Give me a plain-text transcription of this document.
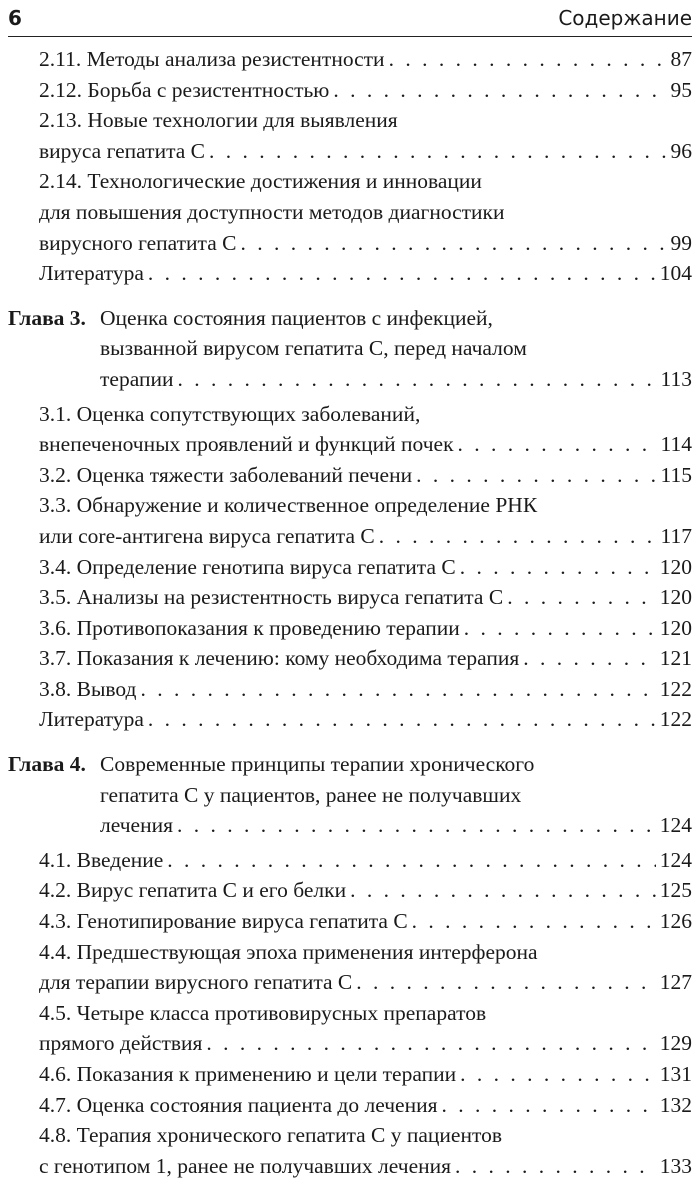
6	Содержание
2.11. Методы анализа резистентности . . .	87
2.12. Борьба с резистентностью . . .	95
2.13. Новые технологии для выявления
вируса гепатита С . . .	96
2.14. Технологические достижения и инновации
для повышения доступности методов диагностики
вирусного гепатита С . . .	99
Литература . . .	104
Глава 3. Оценка состояния пациентов с инфекцией,
вызванной вирусом гепатита С, перед началом
терапии . . .	113
3.1. Оценка сопутствующих заболеваний,
внепеченочных проявлений и функций почек . . .	114
3.2. Оценка тяжести заболеваний печени . . .	115
3.3. Обнаружение и количественное определение РНК
или core-антигена вируса гепатита С . . .	117
3.4. Определение генотипа вируса гепатита С . . .	120
3.5. Анализы на резистентность вируса гепатита С . . .	120
3.6. Противопоказания к проведению терапии . . .	120
3.7. Показания к лечению: кому необходима терапия . . .	121
3.8. Вывод . . .	122
Литература . . .	122
Глава 4. Современные принципы терапии хронического
гепатита С у пациентов, ранее не получавших
лечения . . .	124
4.1. Введение . . .	124
4.2. Вирус гепатита С и его белки . . .	125
4.3. Генотипирование вируса гепатита С . . .	126
4.4. Предшествующая эпоха применения интерферона
для терапии вирусного гепатита С . . .	127
4.5. Четыре класса противовирусных препаратов
прямого действия . . .	129
4.6. Показания к применению и цели терапии . . .	131
4.7. Оценка состояния пациента до лечения . . .	132
4.8. Терапия хронического гепатита С у пациентов
с генотипом 1, ранее не получавших лечения . . .	133
